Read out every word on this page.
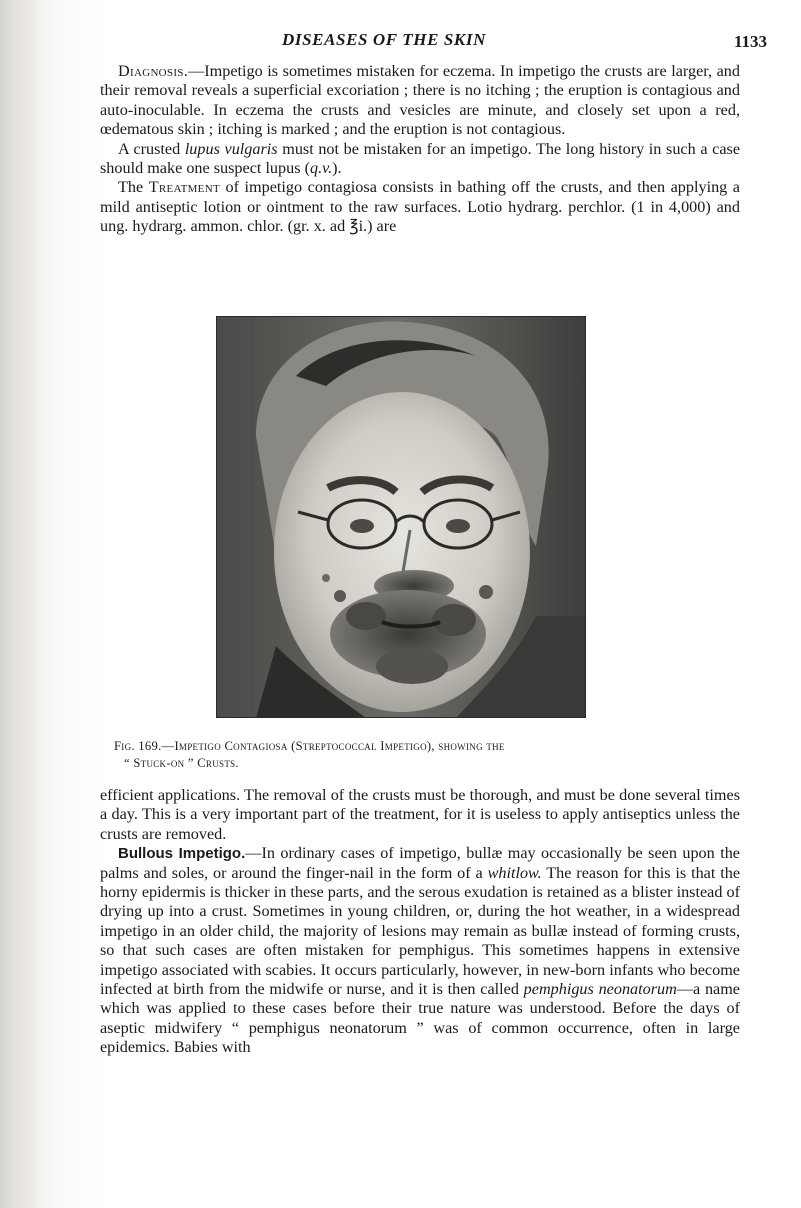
DISEASES OF THE SKIN	1133

Diagnosis.—Impetigo is sometimes mistaken for eczema. In impetigo the crusts are larger, and their removal reveals a superficial excoriation ; there is no itching ; the eruption is contagious and auto-inoculable. In eczema the crusts and vesicles are minute, and closely set upon a red, œdematous skin ; itching is marked ; and the eruption is not contagious.

A crusted lupus vulgaris must not be mistaken for an impetigo. The long history in such a case should make one suspect lupus (q.v.).

The Treatment of impetigo contagiosa consists in bathing off the crusts, and then applying a mild antiseptic lotion or ointment to the raw surfaces. Lotio hydrarg. perchlor. (1 in 4,000) and ung. hydrarg. ammon. chlor. (gr. x. ad ℥i.) are

Fig. 169.—Impetigo Contagiosa (Streptococcal Impetigo), showing the
“ Stuck-on ” Crusts.

efficient applications. The removal of the crusts must be thorough, and must be done several times a day. This is a very important part of the treatment, for it is useless to apply antiseptics unless the crusts are removed.

Bullous Impetigo.—In ordinary cases of impetigo, bullæ may occasionally be seen upon the palms and soles, or around the finger-nail in the form of a whitlow. The reason for this is that the horny epidermis is thicker in these parts, and the serous exudation is retained as a blister instead of drying up into a crust. Sometimes in young children, or, during the hot weather, in a widespread impetigo in an older child, the majority of lesions may remain as bullæ instead of forming crusts, so that such cases are often mistaken for pemphigus. This sometimes happens in extensive impetigo associated with scabies. It occurs particularly, however, in new-born infants who become infected at birth from the midwife or nurse, and it is then called pemphigus neonatorum—a name which was applied to these cases before their true nature was understood. Before the days of aseptic midwifery “ pemphigus neonatorum ” was of common occurrence, often in large epidemics. Babies with
